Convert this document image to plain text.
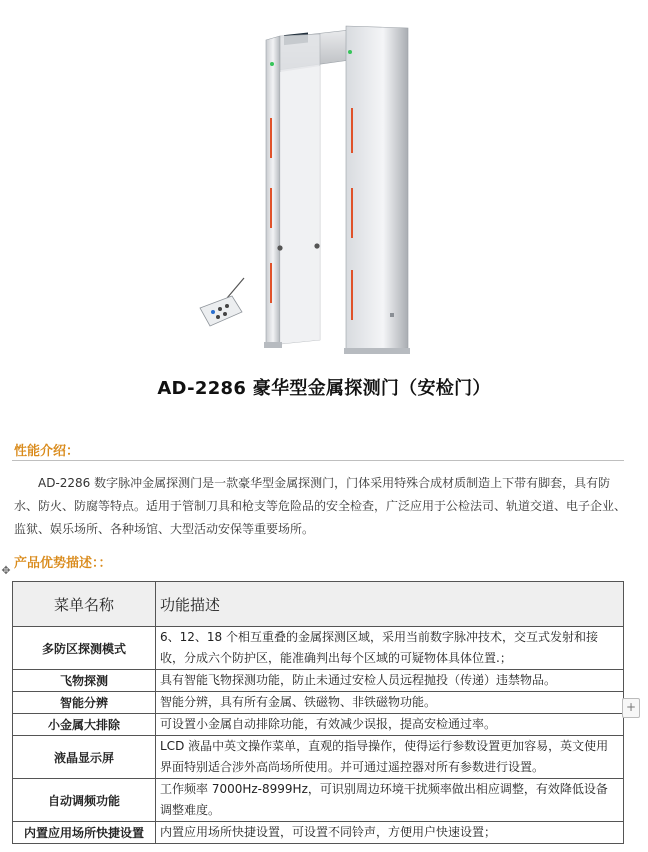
AD-2286 豪华型金属探测门（安检门）
性能介绍：
AD-2286 数字脉冲金属探测门是一款豪华型金属探测门，门体采用特殊合成材质制造上下带有脚套，具有防水、防火、防腐等特点。适用于管制刀具和枪支等危险品的安全检查，广泛应用于公检法司、轨道交道、电子企业、监狱、娱乐场所、各种场馆、大型活动安保等重要场所。
产品优势描述：：
✥
菜单名称	功能描述
多防区探测模式	6、12、18 个相互重叠的金属探测区域，采用当前数字脉冲技术，交互式发射和接收，分成六个防护区，能准确判出每个区域的可疑物体具体位置.；
飞物探测	具有智能飞物探测功能，防止未通过安检人员远程抛投（传递）违禁物品。
智能分辨	智能分辨，具有所有金属、铁磁物、非铁磁物功能。
小金属大排除	可设置小金属自动排除功能，有效减少误报，提高安检通过率。
液晶显示屏	LCD 液晶中英文操作菜单，直观的指导操作，使得运行参数设置更加容易，英文使用界面特别适合涉外高尚场所使用。并可通过遥控器对所有参数进行设置。
自动调频功能	工作频率 7000Hz-8999Hz，可识别周边环境干扰频率做出相应调整，有效降低设备调整难度。
内置应用场所快捷设置	内置应用场所快捷设置，可设置不同铃声，方便用户快速设置；
+
